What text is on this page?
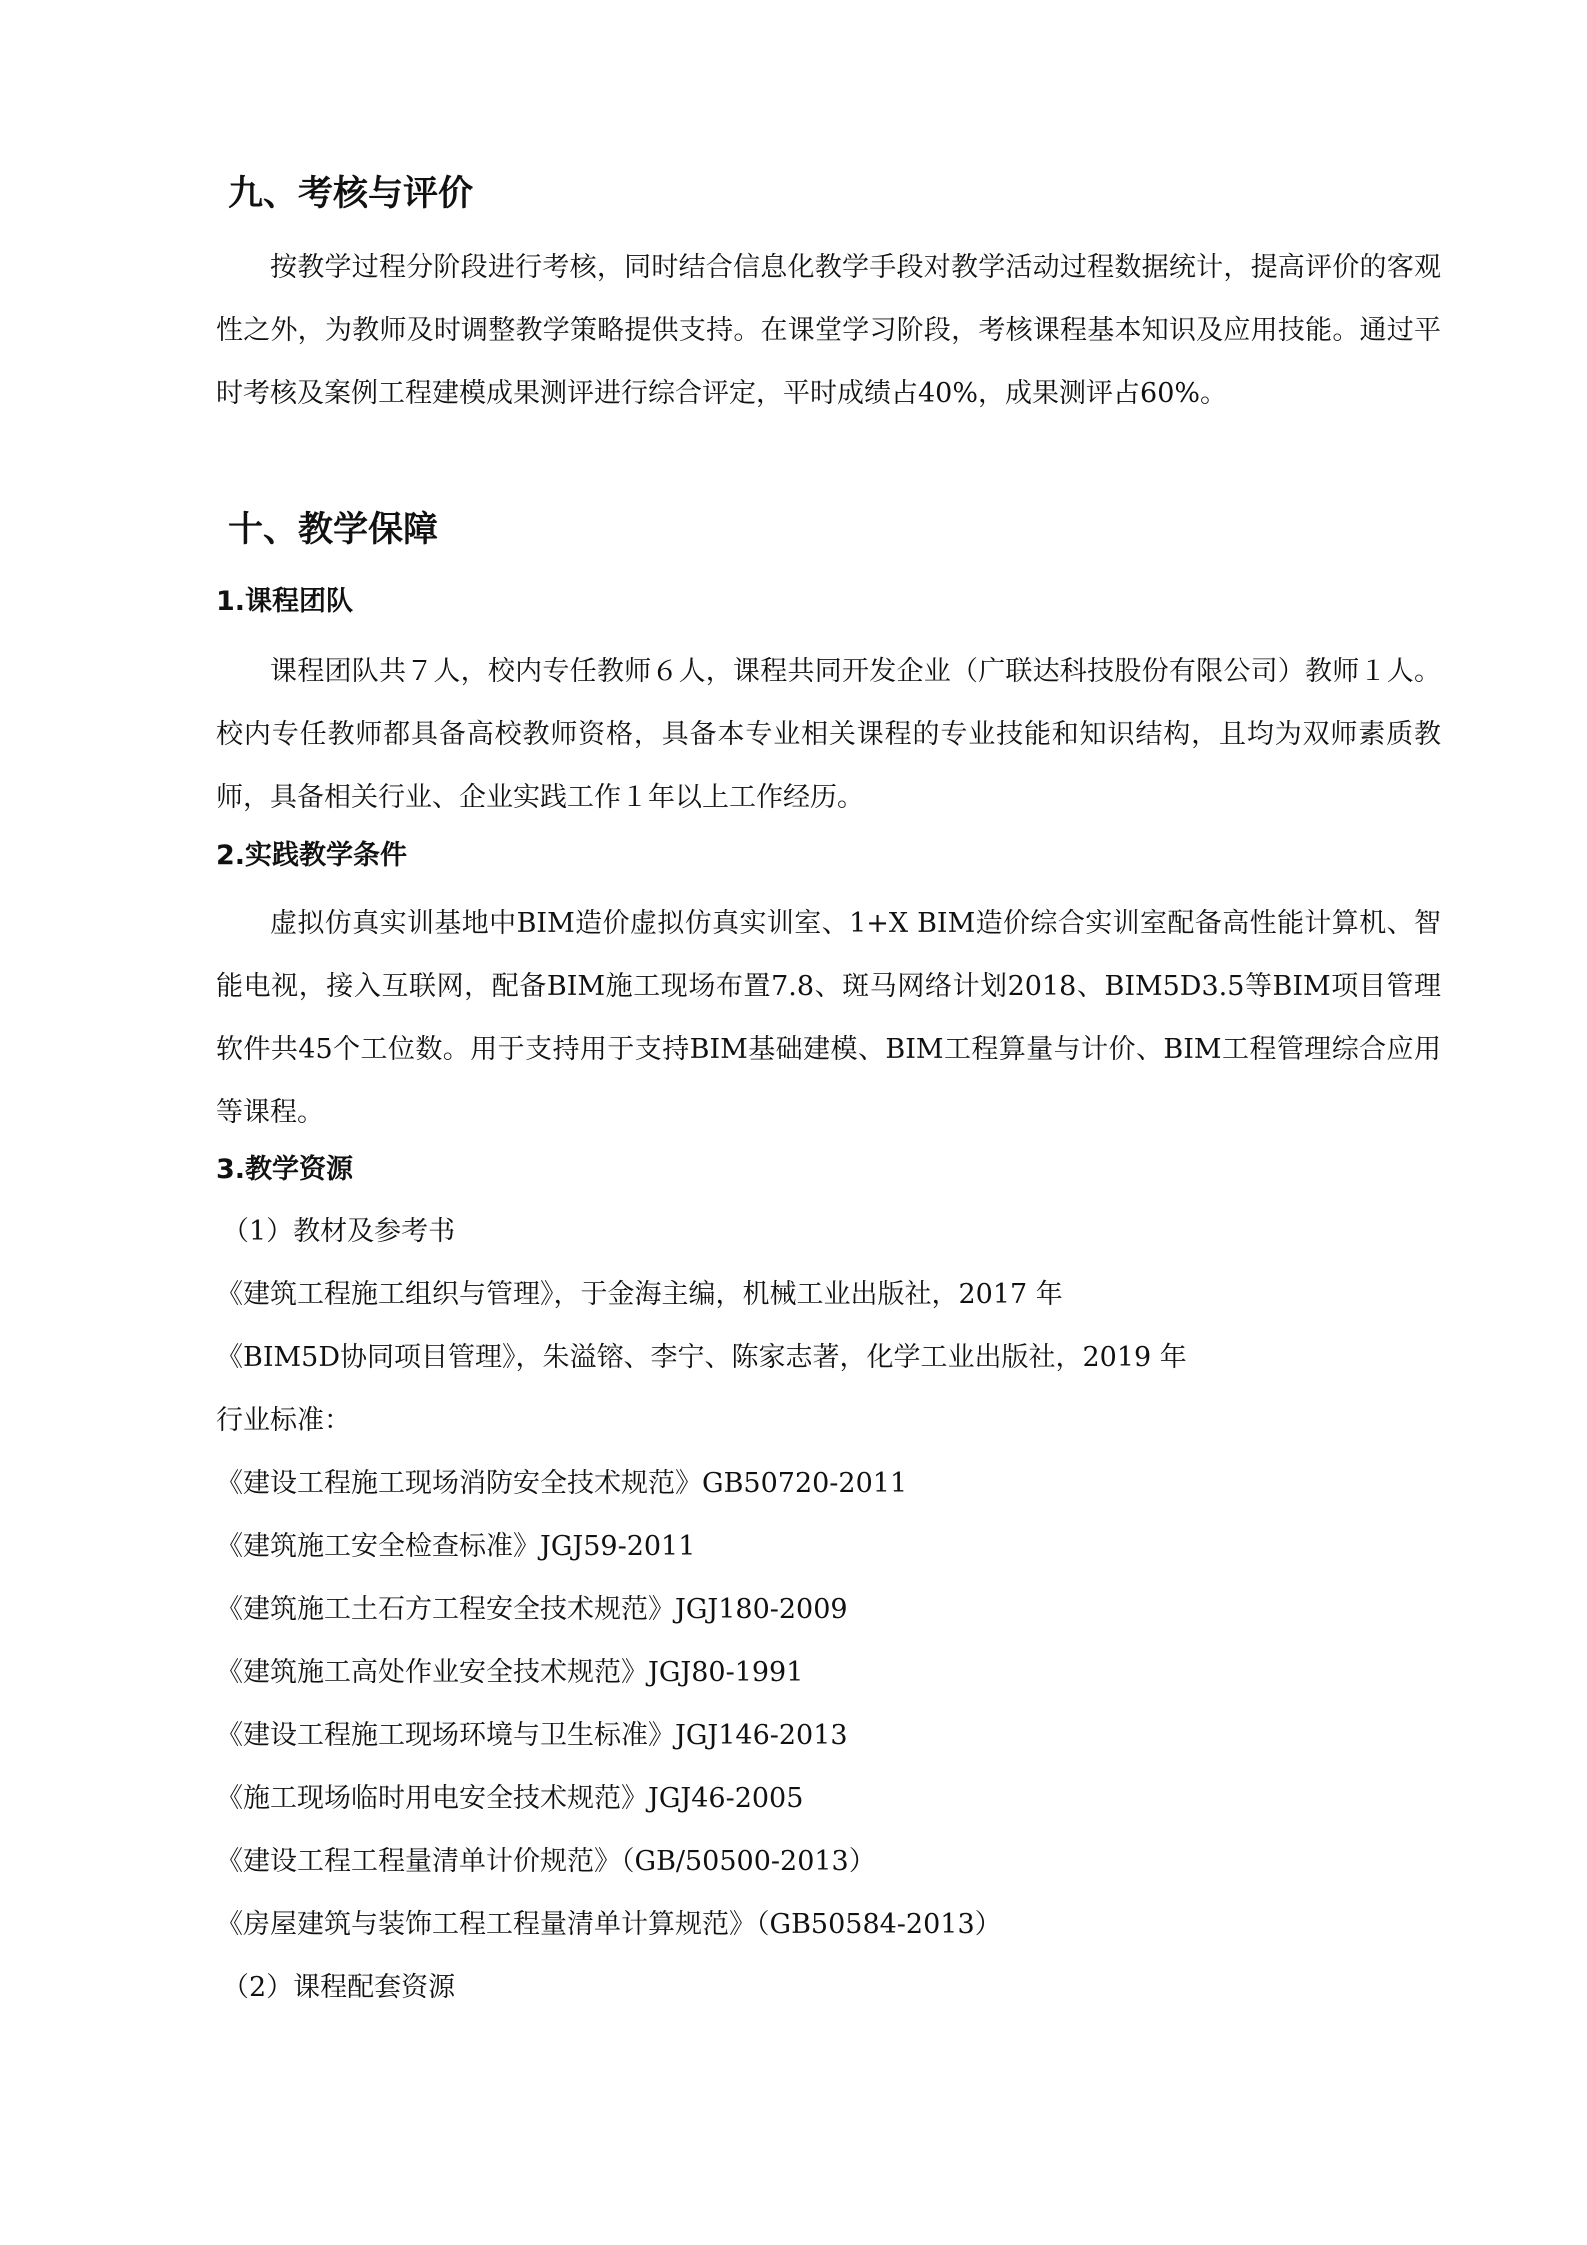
九、考核与评价
按教学过程分阶段进行考核，同时结合信息化教学手段对教学活动过程数据统计，提高评价的客观性之外，为教师及时调整教学策略提供支持。在课堂学习阶段，考核课程基本知识及应用技能。通过平时考核及案例工程建模成果测评进行综合评定，平时成绩占40%，成果测评占60%。
十、教学保障
1.课程团队
课程团队共７人，校内专任教师６人，课程共同开发企业（广联达科技股份有限公司）教师１人。校内专任教师都具备高校教师资格，具备本专业相关课程的专业技能和知识结构，且均为双师素质教师，具备相关行业、企业实践工作１年以上工作经历。
2.实践教学条件
虚拟仿真实训基地中BIM造价虚拟仿真实训室、1+X BIM造价综合实训室配备高性能计算机、智能电视，接入互联网，配备BIM施工现场布置7.8、斑马网络计划2018、BIM5D3.5等BIM项目管理软件共45个工位数。用于支持用于支持BIM基础建模、BIM工程算量与计价、BIM工程管理综合应用等课程。
3.教学资源
（1）教材及参考书
《建筑工程施工组织与管理》，于金海主编，机械工业出版社，2017 年
《BIM5D协同项目管理》，朱溢镕、李宁、陈家志著，化学工业出版社，2019 年
行业标准：
《建设工程施工现场消防安全技术规范》GB50720-2011
《建筑施工安全检查标准》JGJ59-2011
《建筑施工土石方工程安全技术规范》JGJ180-2009
《建筑施工高处作业安全技术规范》JGJ80-1991
《建设工程施工现场环境与卫生标准》JGJ146-2013
《施工现场临时用电安全技术规范》JGJ46-2005
《建设工程工程量清单计价规范》（GB/50500-2013）
《房屋建筑与装饰工程工程量清单计算规范》（GB50584-2013）
（2）课程配套资源
